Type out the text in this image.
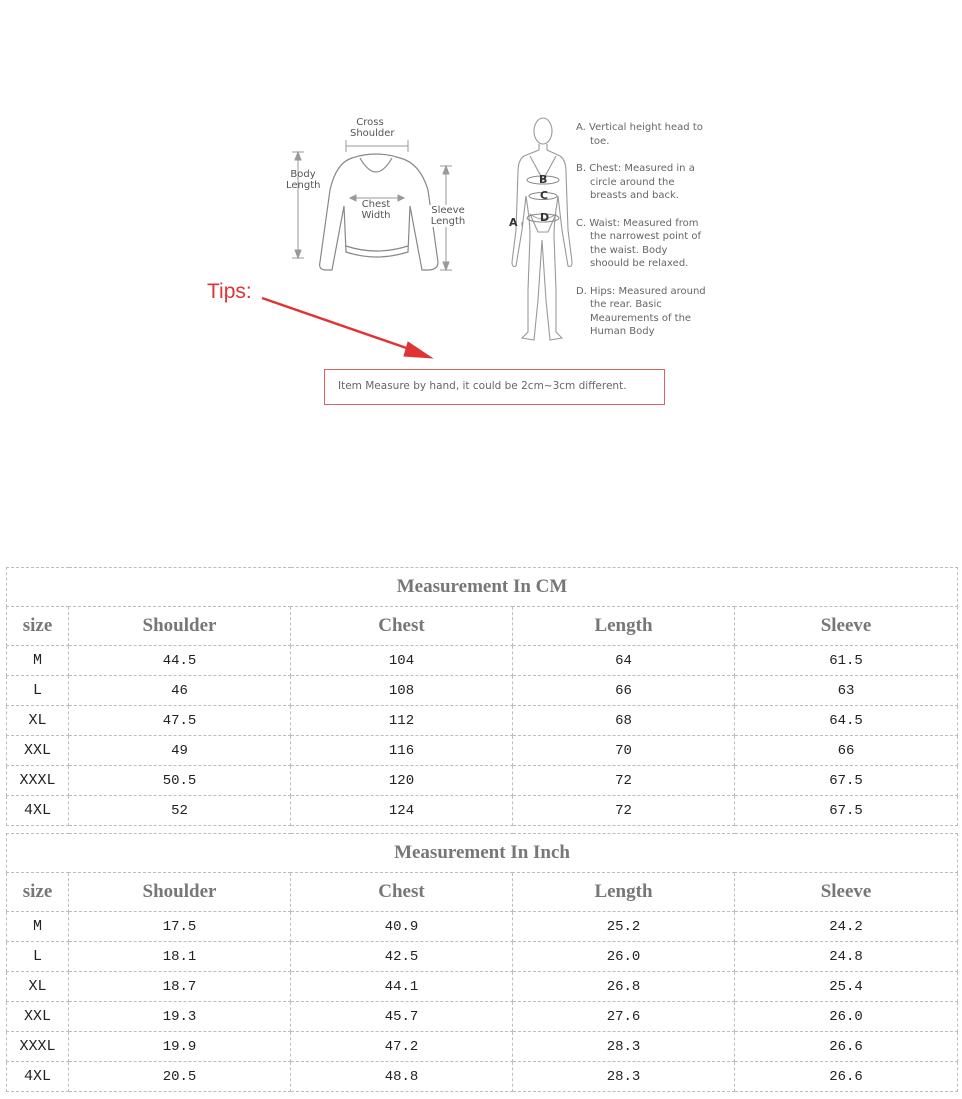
Cross
Shoulder
Body
Length
Chest
Width	Sleeve
Length	A
B
C
D
A. Vertical height head to toe.
B. Chest: Measured in a circle around the breasts and back.
C. Waist: Measured from the narrowest point of the waist. Body shoould be relaxed.
D. Hips: Measured around the rear. Basic Meaurements of the Human Body
Tips:
Item Measure by hand, it could be 2cm~3cm different.
Measurement In CM				
size	Shoulder	Chest	Length	Sleeve
M	44.5	104	64	61.5
L	46	108	66	63
XL	47.5	112	68	64.5
XXL	49	116	70	66
XXXL	50.5	120	72	67.5
4XL	52	124	72	67.5
Measurement In Inch				
size	Shoulder	Chest	Length	Sleeve
M	17.5	40.9	25.2	24.2
L	18.1	42.5	26.0	24.8
XL	18.7	44.1	26.8	25.4
XXL	19.3	45.7	27.6	26.0
XXXL	19.9	47.2	28.3	26.6
4XL	20.5	48.8	28.3	26.6
